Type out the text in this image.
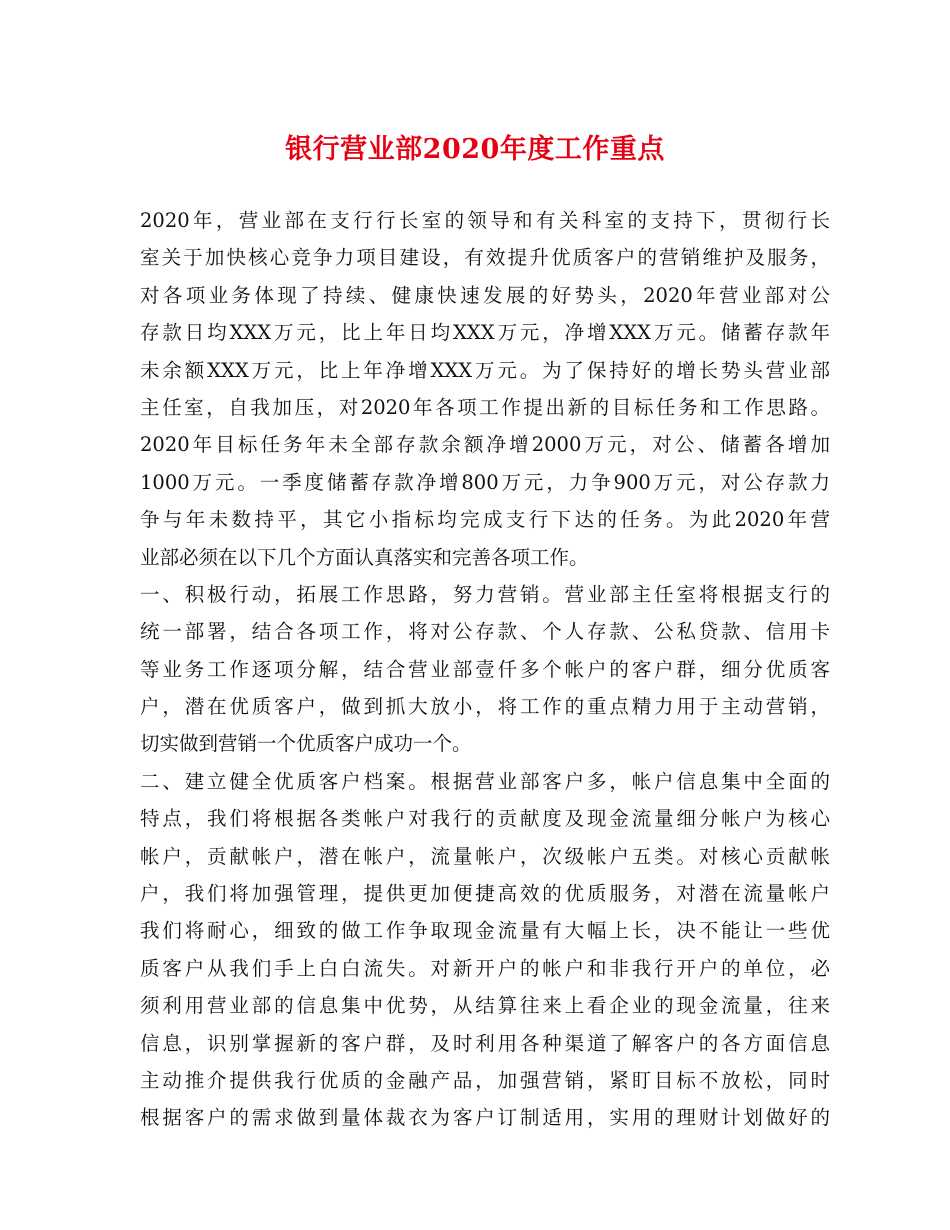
银行营业部2020年度工作重点
2020年，营业部在支行行长室的领导和有关科室的支持下，贯彻行长
室关于加快核心竞争力项目建设，有效提升优质客户的营销维护及服务，
对各项业务体现了持续、健康快速发展的好势头，2020年营业部对公
存款日均XXX万元，比上年日均XXX万元，净增XXX万元。储蓄存款年
未余额XXX万元，比上年净增XXX万元。为了保持好的增长势头营业部
主任室，自我加压，对2020年各项工作提出新的目标任务和工作思路。
2020年目标任务年未全部存款余额净增2000万元，对公、储蓄各增加
1000万元。一季度储蓄存款净增800万元，力争900万元，对公存款力
争与年未数持平，其它小指标均完成支行下达的任务。为此2020年营
业部必须在以下几个方面认真落实和完善各项工作。
一、积极行动，拓展工作思路，努力营销。营业部主任室将根据支行的
统一部署，结合各项工作，将对公存款、个人存款、公私贷款、信用卡
等业务工作逐项分解，结合营业部壹仟多个帐户的客户群，细分优质客
户，潜在优质客户，做到抓大放小，将工作的重点精力用于主动营销，
切实做到营销一个优质客户成功一个。
二、建立健全优质客户档案。根据营业部客户多，帐户信息集中全面的
特点，我们将根据各类帐户对我行的贡献度及现金流量细分帐户为核心
帐户，贡献帐户，潜在帐户，流量帐户，次级帐户五类。对核心贡献帐
户，我们将加强管理，提供更加便捷高效的优质服务，对潜在流量帐户
我们将耐心，细致的做工作争取现金流量有大幅上长，决不能让一些优
质客户从我们手上白白流失。对新开户的帐户和非我行开户的单位，必
须利用营业部的信息集中优势，从结算往来上看企业的现金流量，往来
信息，识别掌握新的客户群，及时利用各种渠道了解客户的各方面信息
主动推介提供我行优质的金融产品，加强营销，紧盯目标不放松，同时
根据客户的需求做到量体裁衣为客户订制适用，实用的理财计划做好的
